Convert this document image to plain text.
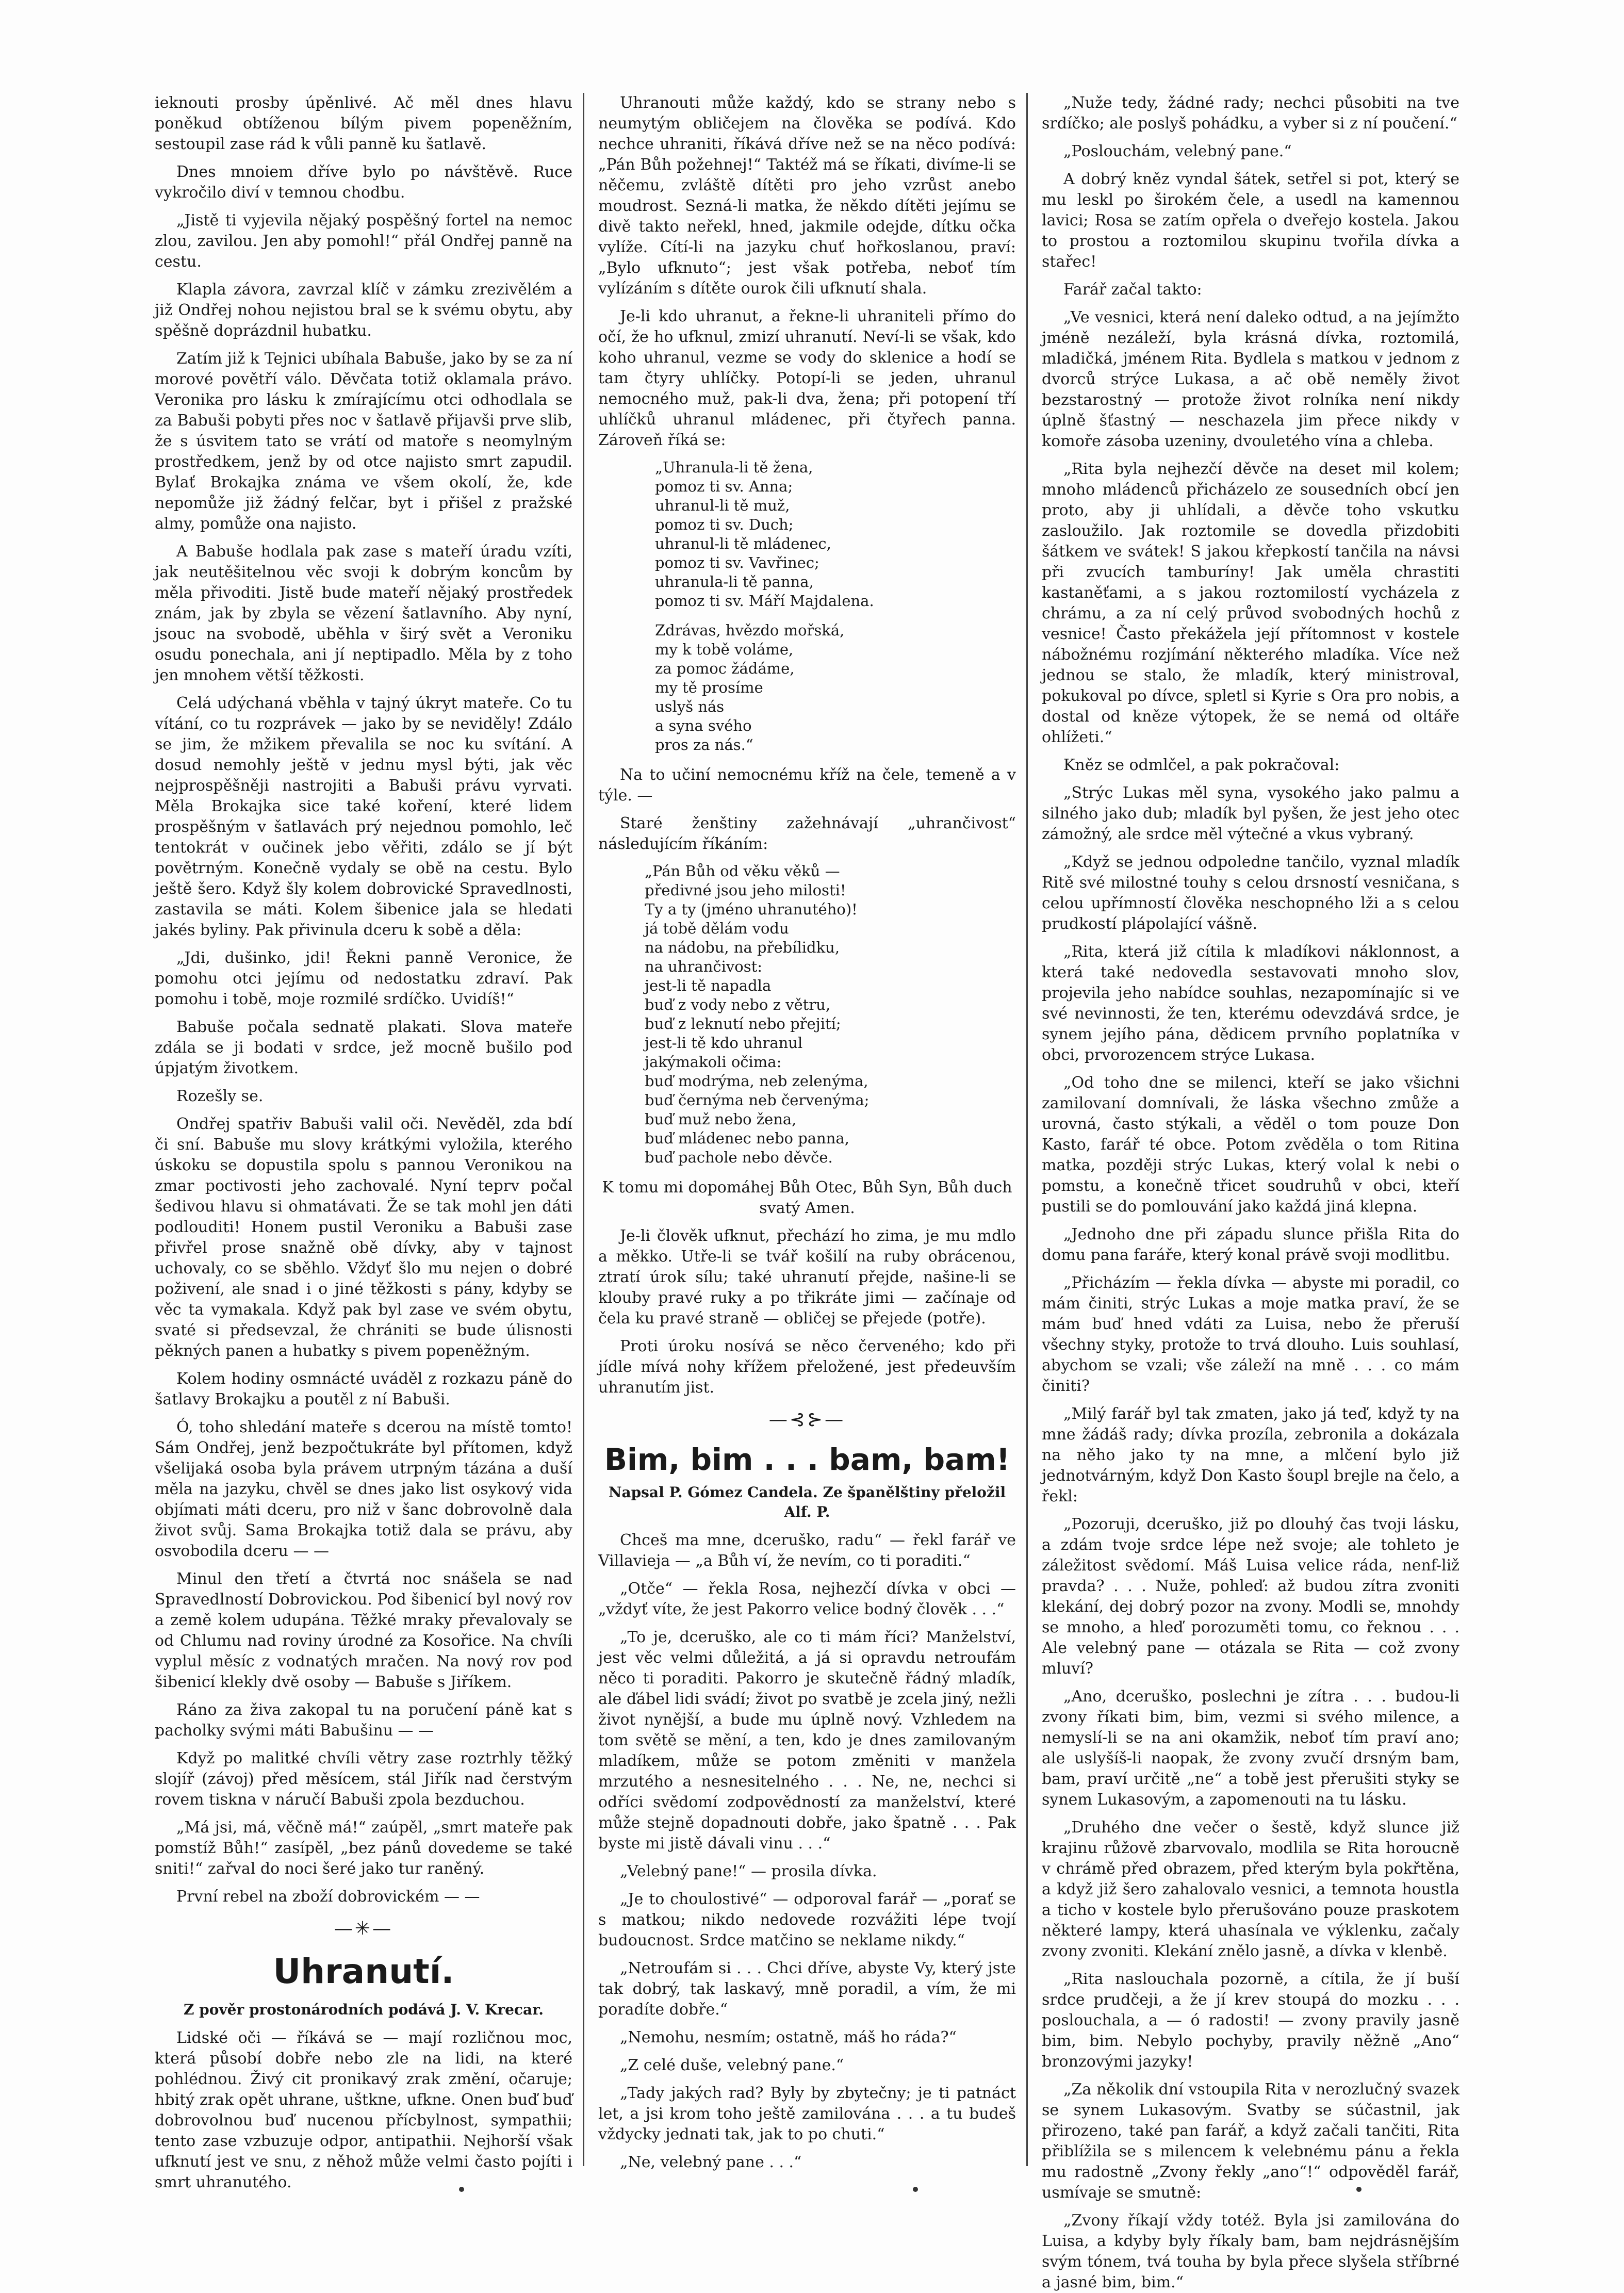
ieknouti prosby úpěnlivé. Ač měl dnes hlavu poněkud obtíženou bílým pivem popeněžním, sestoupil zase rád k vůli panně ku šatlavě.

Dnes mnoiem dříve bylo po návštěvě. Ruce vykročilo diví v temnou chodbu.

„Jistě ti vyjevila nějaký pospěšný fortel na nemoc zlou, zavilou. Jen aby pomohl!“ přál Ondřej panně na cestu.

Klapla závora, zavrzal klíč v zámku zrezivělém a již Ondřej nohou nejistou bral se k svému obytu, aby spěšně doprázdnil hubatku.

Zatím již k Tejnici ubíhala Babuše, jako by se za ní morové povětří válo. Děvčata totiž oklamala právo. Veronika pro lásku k zmírajícímu otci odhodlala se za Babuši pobyti přes noc v šatlavě přijavši prve slib, že s úsvitem tato se vrátí od matoře s neomylným prostředkem, jenž by od otce najisto smrt zapudil. Bylať Brokajka známa ve všem okolí, že, kde nepomůže již žádný felčar, byt i přišel z pražské almy, pomůže ona najisto.

A Babuše hodlala pak zase s mateří úradu vzíti, jak neutěšitelnou věc svoji k dobrým koncům by měla přivoditi. Jistě bude mateří nějaký prostředek znám, jak by zbyla se vězení šatlavního. Aby nyní, jsouc na svobodě, uběhla v širý svět a Veroniku osudu ponechala, ani jí neptipadlo. Měla by z toho jen mnohem větší těžkosti.

Celá udýchaná vběhla v tajný úkryt mateře. Co tu vítání, co tu rozprávek — jako by se neviděly! Zdálo se jim, že mžikem převalila se noc ku svítání. A dosud nemohly ještě v jednu mysl býti, jak věc nejprospěšněji nastrojiti a Babuši právu vyrvati. Měla Brokajka sice také koření, které lidem prospěšným v šatlavách prý nejednou pomohlo, leč tentokrát v oučinek jebo věřiti, zdálo se jí být povětrným. Konečně vydaly se obě na cestu. Bylo ještě šero. Když šly kolem dobrovické Spravedlnosti, zastavila se máti. Kolem šibenice jala se hledati jakés byliny. Pak přivinula dceru k sobě a děla:

„Jdi, dušinko, jdi! Řekni panně Veronice, že pomohu otci jejímu od nedostatku zdraví. Pak pomohu i tobě, moje rozmilé srdíčko. Uvidíš!“

Babuše počala sednatě plakati. Slova mateře zdála se ji bodati v srdce, jež mocně bušilo pod úpjatým životkem.

Rozešly se.

Ondřej spatřiv Babuši valil oči. Nevěděl, zda bdí či sní. Babuše mu slovy krátkými vyložila, kterého úskoku se dopustila spolu s pannou Veronikou na zmar poctivosti jeho zachovalé. Nyní teprv počal šedivou hlavu si ohmatávati. Že se tak mohl jen dáti podlouditi! Honem pustil Veroniku a Babuši zase přivřel prose snažně obě dívky, aby v tajnost uchovaly, co se sběhlo. Vždyť šlo mu nejen o dobré poživení, ale snad i o jiné těžkosti s pány, kdyby se věc ta vymakala. Když pak byl zase ve svém obytu, svaté si předsevzal, že chrániti se bude úlisnosti pěkných panen a hubatky s pivem popeněžným.

Kolem hodiny osmnácté uváděl z rozkazu páně do šatlavy Brokajku a poutěl z ní Babuši.

Ó, toho shledání mateře s dcerou na místě tomto! Sám Ondřej, jenž bezpočtukráte byl přítomen, když všelijaká osoba byla právem utrpným tázána a duší měla na jazyku, chvěl se dnes jako list osykový vida objímati máti dceru, pro niž v šanc dobrovolně dala život svůj. Sama Brokajka totiž dala se právu, aby osvobodila dceru — —

Minul den třetí a čtvrtá noc snášela se nad Spravedlností Dobrovickou. Pod šibenicí byl nový rov a země kolem udupána. Těžké mraky převalovaly se od Chlumu nad roviny úrodné za Kosořice. Na chvíli vyplul měsíc z vodnatých mračen. Na nový rov pod šibenicí klekly dvě osoby — Babuše s Jiříkem.

Ráno za živa zakopal tu na poručení páně kat s pacholky svými máti Babušinu — —

Když po malitké chvíli větry zase roztrhly těžký slojíř (závoj) před měsícem, stál Jiřík nad čerstvým rovem tiskna v náručí Babuši zpola bezduchou.

„Má jsi, má, věčně má!“ zaúpěl, „smrt mateře pak pomstíž Bůh!“ zasípěl, „bez pánů dovedeme se také sniti!“ zařval do noci šeré jako tur raněný.

První rebel na zboží dobrovickém — —

—✳—
Uhranutí.
Z pověr prostonárodních podává J. V. Krecar.

Lidské oči — říkává se — mají rozličnou moc, která působí dobře nebo zle na lidi, na které pohlédnou. Živý cit pronikavý zrak změní, očaruje; hbitý zrak opět uhrane, uštkne, ufkne. Onen buď buď dobrovolnou buď nucenou přícbylnost, sympathii; tento zase vzbuzuje odpor, antipathii. Nejhorší však ufknutí jest ve snu, z něhož může velmi často pojíti i smrt uhranutého.

Uhranouti může každý, kdo se strany nebo s neumytým obličejem na člověka se podívá. Kdo nechce uhraniti, říkává dříve než se na něco podívá: „Pán Bůh požehnej!“ Taktéž má se říkati, divíme-li se něčemu, zvláště dítěti pro jeho vzrůst anebo moudrost. Sezná-li matka, že někdo dítěti jejímu se divě takto neřekl, hned, jakmile odejde, dítku očka vylíže. Cítí-li na jazyku chuť hořkoslanou, praví: „Bylo ufknuto“; jest však potřeba, neboť tím vylízáním s dítěte ourok čili ufknutí shala.

Je-li kdo uhranut, a řekne-li uhraniteli přímo do očí, že ho ufknul, zmizí uhranutí. Neví-li se však, kdo koho uhranul, vezme se vody do sklenice a hodí se tam čtyry uhlíčky. Potopí-li se jeden, uhranul nemocného muž, pak-li dva, žena; při potopení tří uhlíčků uhranul mládenec, při čtyřech panna. Zároveň říká se:

„Uhranula-li tě žena,
pomoz ti sv. Anna;
uhranul-li tě muž,
pomoz ti sv. Duch;
uhranul-li tě mládenec,
pomoz ti sv. Vavřinec;
uhranula-li tě panna,
pomoz ti sv. Máří Majdalena.
Zdrávas, hvězdo mořská,
my k tobě voláme,
za pomoc žádáme,
my tě prosíme
uslyš nás
a syna svého
pros za nás.“

Na to učiní nemocnému kříž na čele, temeně a v týle. —

Staré ženštiny zažehnávají „uhrančivost“ následujícím říkáním:

„Pán Bůh od věku věků —
předivné jsou jeho milosti!
Ty a ty (jméno uhranutého)!
já tobě dělám vodu
na nádobu, na přebílidku,
na uhrančivost:
jest-li tě napadla
buď z vody nebo z větru,
buď z leknutí nebo přejití;
jest-li tě kdo uhranul
jakýmakoli očima:
buď modrýma, neb zelenýma,
buď černýma neb červenýma;
buď muž nebo žena,
buď mládenec nebo panna,
buď pachole nebo děvče.

K tomu mi dopomáhej Bůh Otec, Bůh Syn, Bůh duch svatý Amen.

Je-li člověk ufknut, přechází ho zima, je mu mdlo a měkko. Utře-li se tvář košilí na ruby obrácenou, ztratí úrok sílu; také uhranutí přejde, našine-li se klouby pravé ruky a po třikráte jimi — začínaje od čela ku pravé straně — obličej se přejede (potře).

Proti úroku nosívá se něco červeného; kdo při jídle mívá nohy křížem přeložené, jest předeuvším uhranutím jist.

—⊰⊱—
Bim, bim . . . bam, bam!
Napsal P. Gómez Candela. Ze španělštiny přeložil Alf. P.

Chceš ma mne, dceruško, radu“ — řekl farář ve Villavieja — „a Bůh ví, že nevím, co ti poraditi.“

„Otče“ — řekla Rosa, nejhezčí dívka v obci — „vždyť víte, že jest Pakorro velice bodný člověk . . .“

„To je, dceruško, ale co ti mám říci? Manželství, jest věc velmi důležitá, a já si opravdu netroufám něco ti poraditi. Pakorro je skutečně řádný mladík, ale ďábel lidi svádí; život po svatbě je zcela jiný, nežli život nynější, a bude mu úplně nový. Vzhledem na tom světě se mění, a ten, kdo je dnes zamilovaným mladíkem, může se potom změniti v manžela mrzutého a nesnesitelného . . . Ne, ne, nechci si odříci svědomí zodpovědností za manželství, které může stejně dopadnouti dobře, jako špatně . . . Pak byste mi jistě dávali vinu . . .“

„Velebný pane!“ — prosila dívka.

„Je to choulostivé“ — odporoval farář — „porať se s matkou; nikdo nedovede rozvážiti lépe tvojí budoucnost. Srdce matčino se neklame nikdy.“

„Netroufám si . . . Chci dříve, abyste Vy, který jste tak dobrý, tak laskavý, mně poradil, a vím, že mi poradíte dobře.“

„Nemohu, nesmím; ostatně, máš ho ráda?“

„Z celé duše, velebný pane.“

„Tady jakých rad? Byly by zbytečny; je ti patnáct let, a jsi krom toho ještě zamilována . . . a tu budeš vždycky jednati tak, jak to po chuti.“

„Ne, velebný pane . . .“

„Nuže tedy, žádné rady; nechci působiti na tve srdíčko; ale poslyš pohádku, a vyber si z ní poučení.“

„Poslouchám, velebný pane.“

A dobrý kněz vyndal šátek, setřel si pot, který se mu leskl po širokém čele, a usedl na kamennou lavici; Rosa se zatím opřela o dveřejo kostela. Jakou to prostou a roztomilou skupinu tvořila dívka a stařec!

Farář začal takto:

„Ve vesnici, která není daleko odtud, a na jejímžto jméně nezáleží, byla krásná dívka, roztomilá, mladičká, jménem Rita. Bydlela s matkou v jednom z dvorců strýce Lukasa, a ač obě neměly život bezstarostný — protože život rolníka není nikdy úplně šťastný — neschazela jim přece nikdy v komoře zásoba uzeniny, dvouletého vína a chleba.

„Rita byla nejhezčí děvče na deset mil kolem; mnoho mládenců přicházelo ze sousedních obcí jen proto, aby ji uhlídali, a děvče toho vskutku zasloužilo. Jak roztomile se dovedla přizdobiti šátkem ve svátek! S jakou křepkostí tančila na návsi při zvucích tamburíny! Jak uměla chrastiti kastaněťami, a s jakou roztomilostí vycházela z chrámu, a za ní celý průvod svobodných hochů z vesnice! Často překážela její přítomnost v kostele nábožnému rozjímání některého mladíka. Více než jednou se stalo, že mladík, který ministroval, pokukoval po dívce, spletl si Kyrie s Ora pro nobis, a dostal od kněze výtopek, že se nemá od oltáře ohlížeti.“

Kněz se odmlčel, a pak pokračoval:

„Strýc Lukas měl syna, vysokého jako palmu a silného jako dub; mladík byl pyšen, že jest jeho otec zámožný, ale srdce měl výtečné a vkus vybraný.

„Když se jednou odpoledne tančilo, vyznal mladík Ritě své milostné touhy s celou drsností vesničana, s celou upřímností člověka neschopného lži a s celou prudkostí plápolající vášně.

„Rita, která již cítila k mladíkovi náklonnost, a která také nedovedla sestavovati mnoho slov, projevila jeho nabídce souhlas, nezapomínajíc si ve své nevinnosti, že ten, kterému odevzdává srdce, je synem jejího pána, dědicem prvního poplatníka v obci, prvorozencem strýce Lukasa.

„Od toho dne se milenci, kteří se jako všichni zamilovaní domnívali, že láska všechno zmůže a urovná, často stýkali, a věděl o tom pouze Don Kasto, farář té obce. Potom zvěděla o tom Ritina matka, později strýc Lukas, který volal k nebi o pomstu, a konečně třicet soudruhů v obci, kteří pustili se do pomlouvání jako každá jiná klepna.

„Jednoho dne při západu slunce přišla Rita do domu pana faráře, který konal právě svoji modlitbu.

„Přicházím — řekla dívka — abyste mi poradil, co mám činiti, strýc Lukas a moje matka praví, že se mám buď hned vdáti za Luisa, nebo že přeruší všechny styky, protože to trvá dlouho. Luis souhlasí, abychom se vzali; vše záleží na mně . . . co mám činiti?

„Milý farář byl tak zmaten, jako já teď, když ty na mne žádáš rady; dívka prozíla, zebronila a dokázala na něho jako ty na mne, a mlčení bylo již jednotvárným, když Don Kasto šoupl brejle na čelo, a řekl:

„Pozoruji, dceruško, již po dlouhý čas tvoji lásku, a zdám tvoje srdce lépe než svoje; ale tohleto je záležitost svědomí. Máš Luisa velice ráda, nenf-liž pravda? . . . Nuže, pohleď: až budou zítra zvoniti klekání, dej dobrý pozor na zvony. Modli se, mnohdy se mnoho, a hleď porozuměti tomu, co řeknou . . . Ale velebný pane — otázala se Rita — což zvony mluví?

„Ano, dceruško, poslechni je zítra . . . budou-li zvony říkati bim, bim, vezmi si svého milence, a nemyslí-li se na ani okamžik, neboť tím praví ano; ale uslyšíš-li naopak, že zvony zvučí drsným bam, bam, praví určitě „ne“ a tobě jest přerušiti styky se synem Lukasovým, a zapomenouti na tu lásku.

„Druhého dne večer o šestě, když slunce již krajinu růžově zbarvovalo, modlila se Rita horoucně v chrámě před obrazem, před kterým byla pokřtěna, a když již šero zahalovalo vesnici, a temnota houstla a ticho v kostele bylo přerušováno pouze praskotem některé lampy, která uhasínala ve výklenku, začaly zvony zvoniti. Klekání znělo jasně, a dívka v klenbě.

„Rita naslouchala pozorně, a cítila, že jí buší srdce prudčeji, a že jí krev stoupá do mozku . . . poslouchala, a — ó radosti! — zvony pravily jasně bim, bim. Nebylo pochyby, pravily něžně „Ano“ bronzovými jazyky!

„Za několik dní vstoupila Rita v nerozlučný svazek se synem Lukasovým. Svatby se súčastnil, jak přirozeno, také pan farář, a když začali tančiti, Rita přiblížila se s milencem k velebnému pánu a řekla mu radostně „Zvony řekly „ano“!“ odpověděl farář, usmívaje se smutně:

„Zvony říkají vždy totéž. Byla jsi zamilována do Luisa, a kdyby byly říkaly bam, bam nejdrásnějším svým tónem, tvá touha by byla přece slyšela stříbrné a jasné bim, bim.“
